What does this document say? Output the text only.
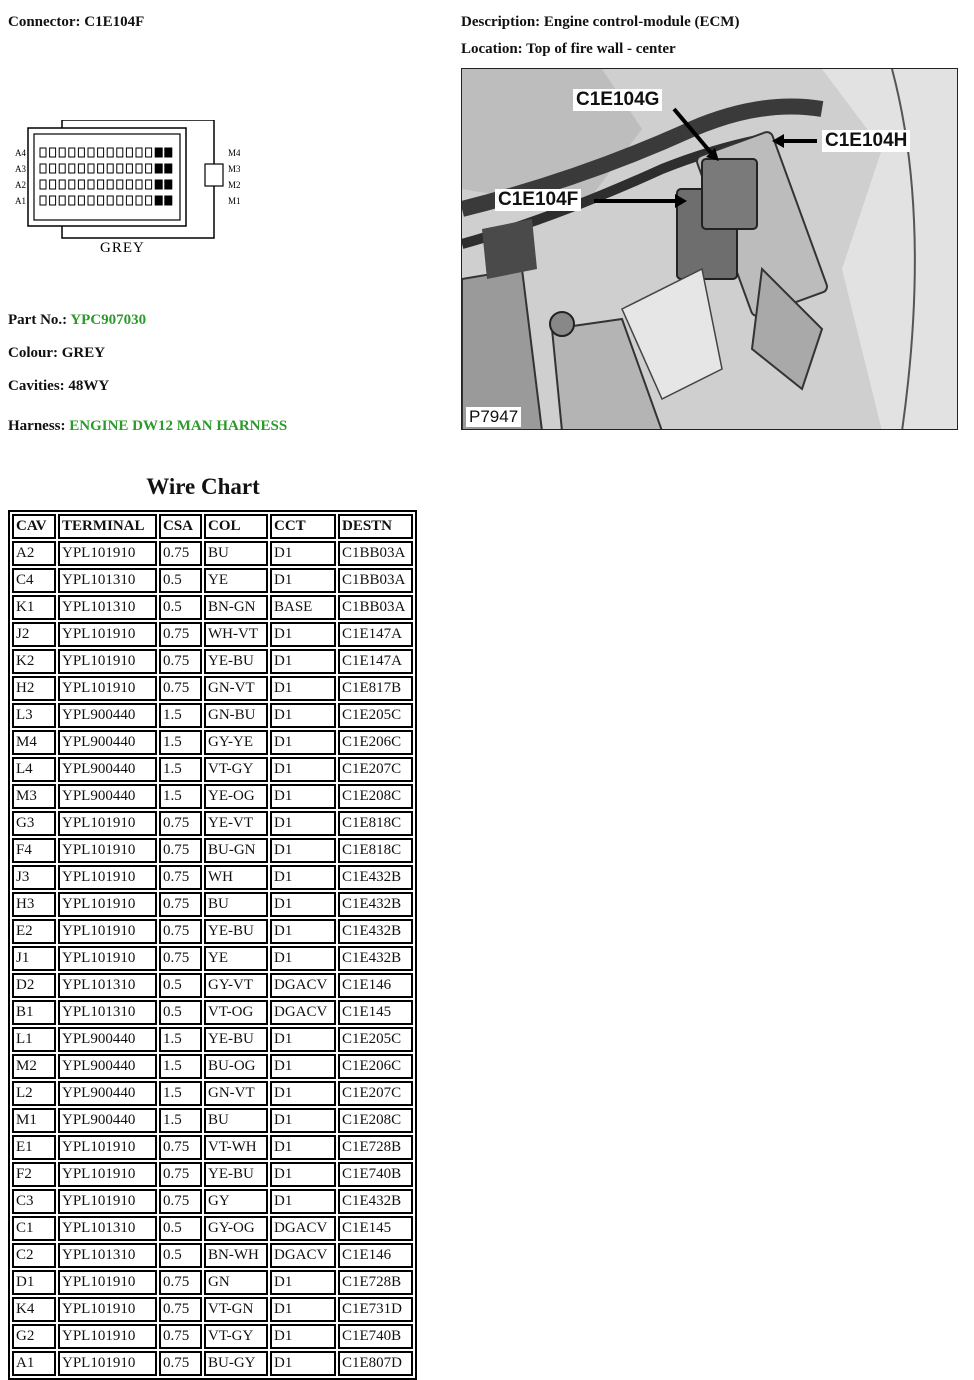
Connector: C1E104F	Description: Engine control-module (ECM)
Location: Top of fire wall - center
A4
A3
A2
A1
M4
M3
M2
M1
GREY
C1E104G
C1E104H
C1E104F
P7947
Part No.: YPC907030
Colour: GREY
Cavities: 48WY
Harness: ENGINE DW12 MAN HARNESS
Wire Chart
CAV	TERMINAL	CSA	COL	CCT	DESTN
A2	YPL101910	0.75	BU	D1	C1BB03A
C4	YPL101310	0.5	YE	D1	C1BB03A
K1	YPL101310	0.5	BN-GN	BASE	C1BB03A
J2	YPL101910	0.75	WH-VT	D1	C1E147A
K2	YPL101910	0.75	YE-BU	D1	C1E147A
H2	YPL101910	0.75	GN-VT	D1	C1E817B
L3	YPL900440	1.5	GN-BU	D1	C1E205C
M4	YPL900440	1.5	GY-YE	D1	C1E206C
L4	YPL900440	1.5	VT-GY	D1	C1E207C
M3	YPL900440	1.5	YE-OG	D1	C1E208C
G3	YPL101910	0.75	YE-VT	D1	C1E818C
F4	YPL101910	0.75	BU-GN	D1	C1E818C
J3	YPL101910	0.75	WH	D1	C1E432B
H3	YPL101910	0.75	BU	D1	C1E432B
E2	YPL101910	0.75	YE-BU	D1	C1E432B
J1	YPL101910	0.75	YE	D1	C1E432B
D2	YPL101310	0.5	GY-VT	DGACV	C1E146
B1	YPL101310	0.5	VT-OG	DGACV	C1E145
L1	YPL900440	1.5	YE-BU	D1	C1E205C
M2	YPL900440	1.5	BU-OG	D1	C1E206C
L2	YPL900440	1.5	GN-VT	D1	C1E207C
M1	YPL900440	1.5	BU	D1	C1E208C
E1	YPL101910	0.75	VT-WH	D1	C1E728B
F2	YPL101910	0.75	YE-BU	D1	C1E740B
C3	YPL101910	0.75	GY	D1	C1E432B
C1	YPL101310	0.5	GY-OG	DGACV	C1E145
C2	YPL101310	0.5	BN-WH	DGACV	C1E146
D1	YPL101910	0.75	GN	D1	C1E728B
K4	YPL101910	0.75	VT-GN	D1	C1E731D
G2	YPL101910	0.75	VT-GY	D1	C1E740B
A1	YPL101910	0.75	BU-GY	D1	C1E807D
